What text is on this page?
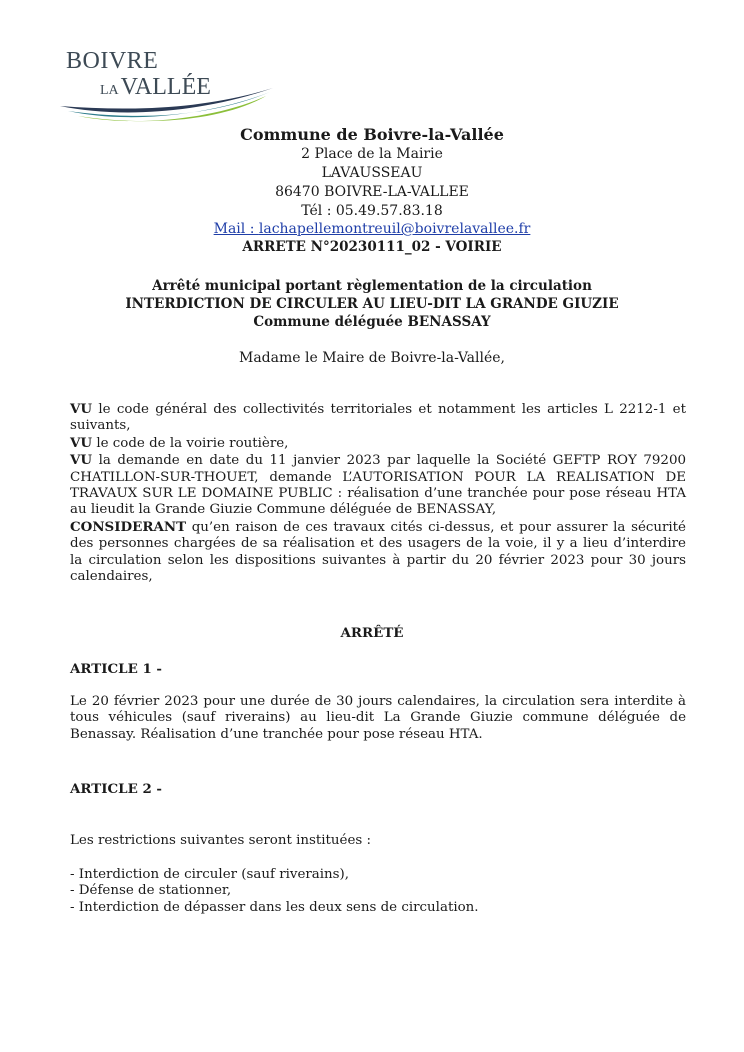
BOIVRE
LAVALLÉE
Commune de Boivre-la-Vallée
2 Place de la Mairie
LAVAUSSEAU
86470 BOIVRE-LA-VALLEE
Tél : 05.49.57.83.18
Mail : lachapellemontreuil@boivrelavallee.fr
ARRETE N°20230111_02 - VOIRIE
Arrêté municipal portant règlementation de la circulation
INTERDICTION DE CIRCULER AU LIEU-DIT LA GRANDE GIUZIE
Commune déléguée BENASSAY
Madame le Maire de Boivre-la-Vallée,
VU le code général des collectivités territoriales et notamment les articles L 2212-1 et
suivants,
VU le code de la voirie routière,
VU la demande en date du 11 janvier 2023 par laquelle la Société GEFTP ROY 79200
CHATILLON-SUR-THOUET, demande L’AUTORISATION POUR LA REALISATION DE
TRAVAUX SUR LE DOMAINE PUBLIC : réalisation d’une tranchée pour pose réseau HTA
au lieudit la Grande Giuzie Commune déléguée de BENASSAY,
CONSIDERANT qu’en raison de ces travaux cités ci-dessus, et pour assurer la sécurité
des personnes chargées de sa réalisation et des usagers de la voie, il y a lieu d’interdire
la circulation selon les dispositions suivantes à partir du 20 février 2023 pour 30 jours
calendaires,
ARRÊTÉ
ARTICLE 1 -
Le 20 février 2023 pour une durée de 30 jours calendaires, la circulation sera interdite à
tous véhicules (sauf riverains) au lieu-dit La Grande Giuzie commune déléguée de
Benassay. Réalisation d’une tranchée pour pose réseau HTA.
ARTICLE 2 -
Les restrictions suivantes seront instituées :
- Interdiction de circuler (sauf riverains),
- Défense de stationner,
- Interdiction de dépasser dans les deux sens de circulation.
